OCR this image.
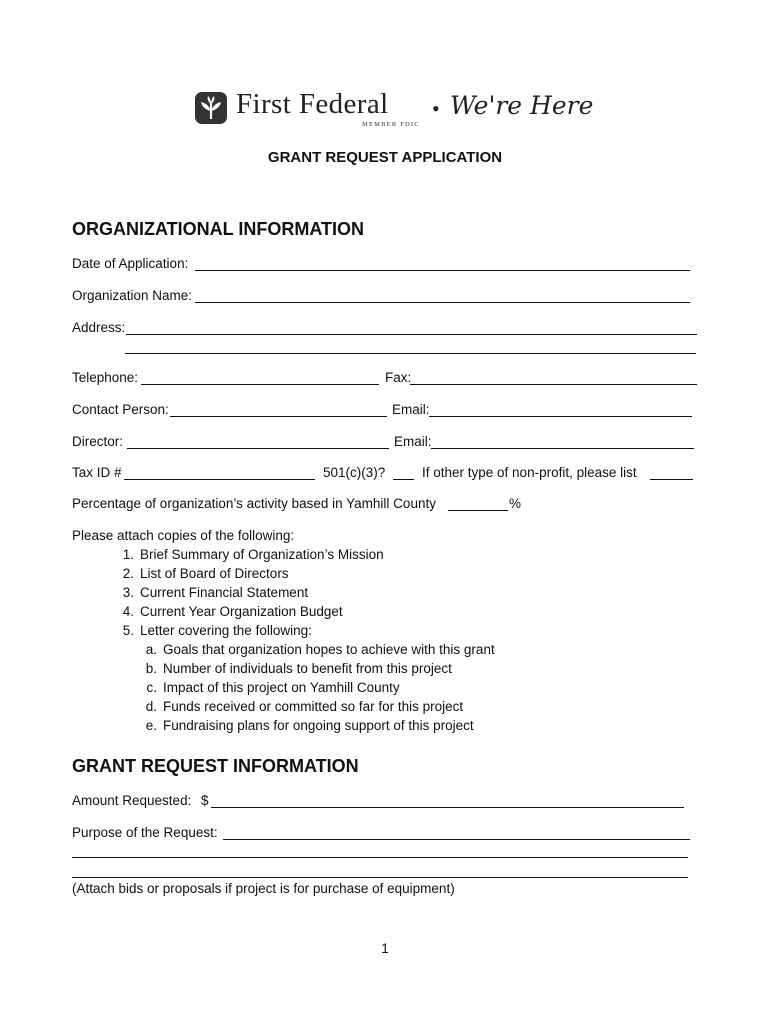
First Federal • We're Here
MEMBER FDIC
GRANT REQUEST APPLICATION
ORGANIZATIONAL INFORMATION
Date of Application:
Organization Name:
Address:
Telephone:	Fax:
Contact Person:	Email:
Director:	Email:
Tax ID #	501(c)(3)?	If other type of non-profit, please list
Percentage of organization’s activity based in Yamhill County	%
Please attach copies of the following:
1. Brief Summary of Organization’s Mission
2. List of Board of Directors
3. Current Financial Statement
4. Current Year Organization Budget
5. Letter covering the following:
a. Goals that organization hopes to achieve with this grant
b. Number of individuals to benefit from this project
c. Impact of this project on Yamhill County
d. Funds received or committed so far for this project
e. Fundraising plans for ongoing support of this project
GRANT REQUEST INFORMATION
Amount Requested: $
Purpose of the Request:
(Attach bids or proposals if project is for purchase of equipment)
1
